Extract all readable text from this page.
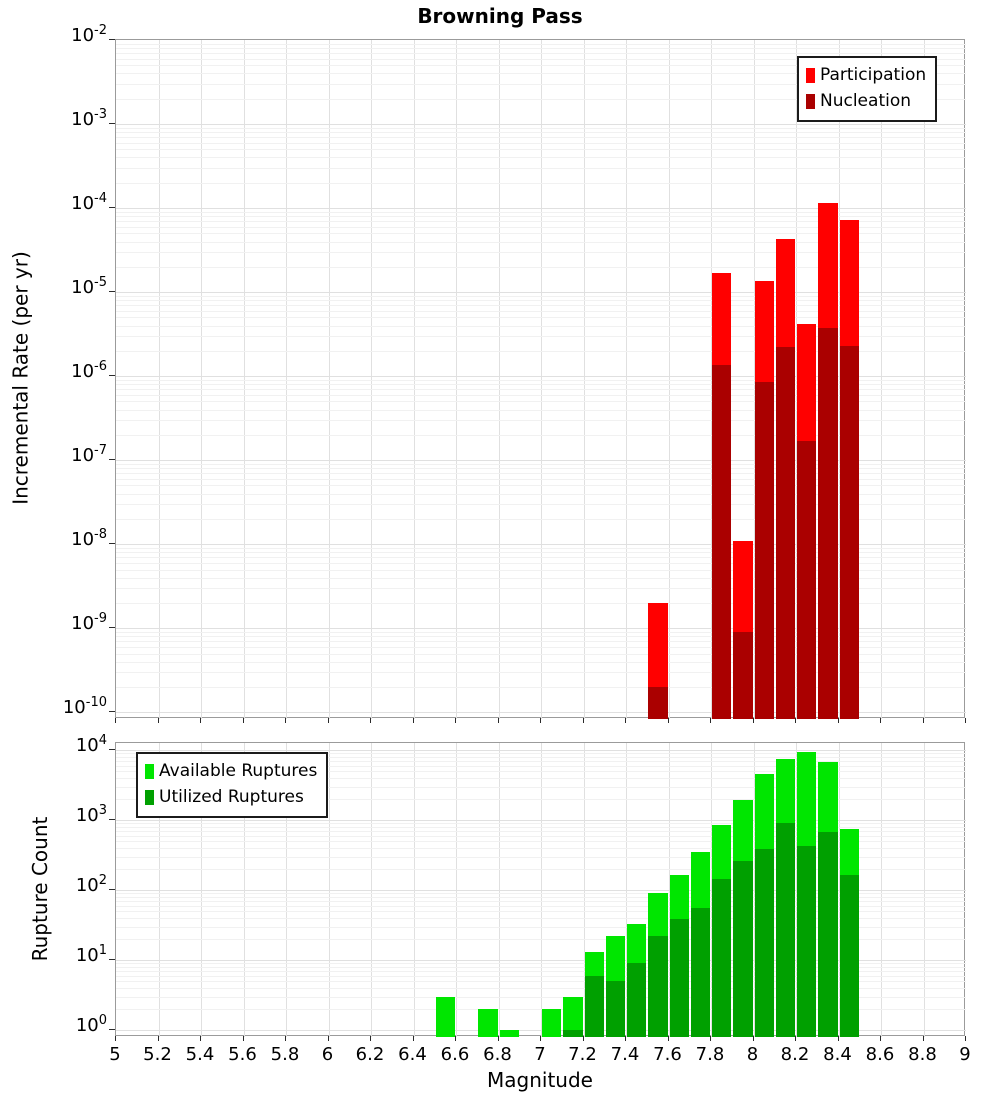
Browning Pass
Incremental Rate (per yr)
Rupture Count
Magnitude
Participation
Nucleation
Available Ruptures
Utilized Ruptures
$10^{-2}$
$10^{-3}$
$10^{-4}$
$10^{-5}$
$10^{-6}$
$10^{-7}$
$10^{-8}$
$10^{-9}$
$10^{-10}$
$10^4$
$10^3$
$10^2$
$10^1$
$10^0$
5 5.2 5.4 5.6 5.8 6 6.2 6.4 6.6 6.8 7 7.2 7.4 7.6 7.8 8 8.2 8.4 8.6 8.8 9
